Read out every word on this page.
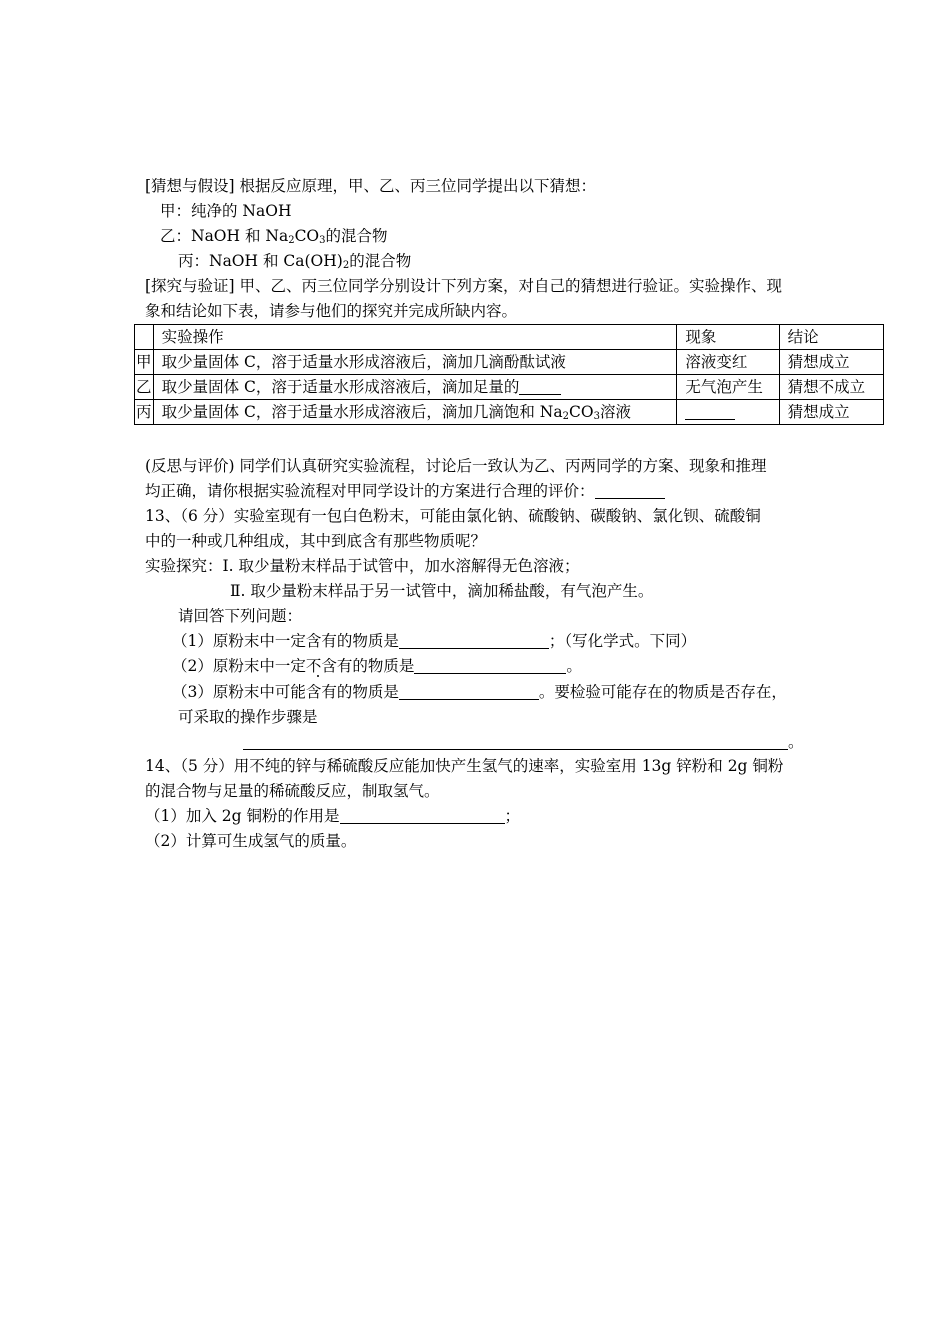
[猜想与假设] 根据反应原理，甲、乙、丙三位同学提出以下猜想：
甲：纯净的 NaOH
乙：NaOH 和 $Na_2CO_3$的混合物
丙：NaOH 和 $Ca(OH)_2$的混合物
[探究与验证] 甲、乙、丙三位同学分别设计下列方案，对自己的猜想进行验证。实验操作、现
象和结论如下表，请参与他们的探究并完成所缺内容。
	实验操作	现象	结论
甲	取少量固体 C，溶于适量水形成溶液后，滴加几滴酚酞试液	溶液变红	猜想成立
乙	取少量固体 C，溶于适量水形成溶液后，滴加足量的	无气泡产生	猜想不成立
丙	取少量固体 C，溶于适量水形成溶液后，滴加几滴饱和 $Na_2CO_3$溶液		猜想成立
(反思与评价) 同学们认真研究实验流程，讨论后一致认为乙、丙两同学的方案、现象和推理
均正确，请你根据实验流程对甲同学设计的方案进行合理的评价：
13、（6 分）实验室现有一包白色粉末，可能由氯化钠、硫酸钠、碳酸钠、氯化钡、硫酸铜
中的一种或几种组成，其中到底含有那些物质呢？
实验探究：Ⅰ. 取少量粉末样品于试管中，加水溶解得无色溶液；
Ⅱ. 取少量粉末样品于另一试管中，滴加稀盐酸，有气泡产生。
请回答下列问题：
（1）原粉末中一定含有的物质是	；（写化学式。下同）
（2）原粉末中一定不含有的物质是	。
（3）原粉末中可能含有的物质是	。要检验可能存在的物质是否存在，
可采取的操作步骤是
。
14、（5 分）用不纯的锌与稀硫酸反应能加快产生氢气的速率，实验室用 13g 锌粉和 2g 铜粉
的混合物与足量的稀硫酸反应，制取氢气。
（1）加入 2g 铜粉的作用是	；
（2）计算可生成氢气的质量。
